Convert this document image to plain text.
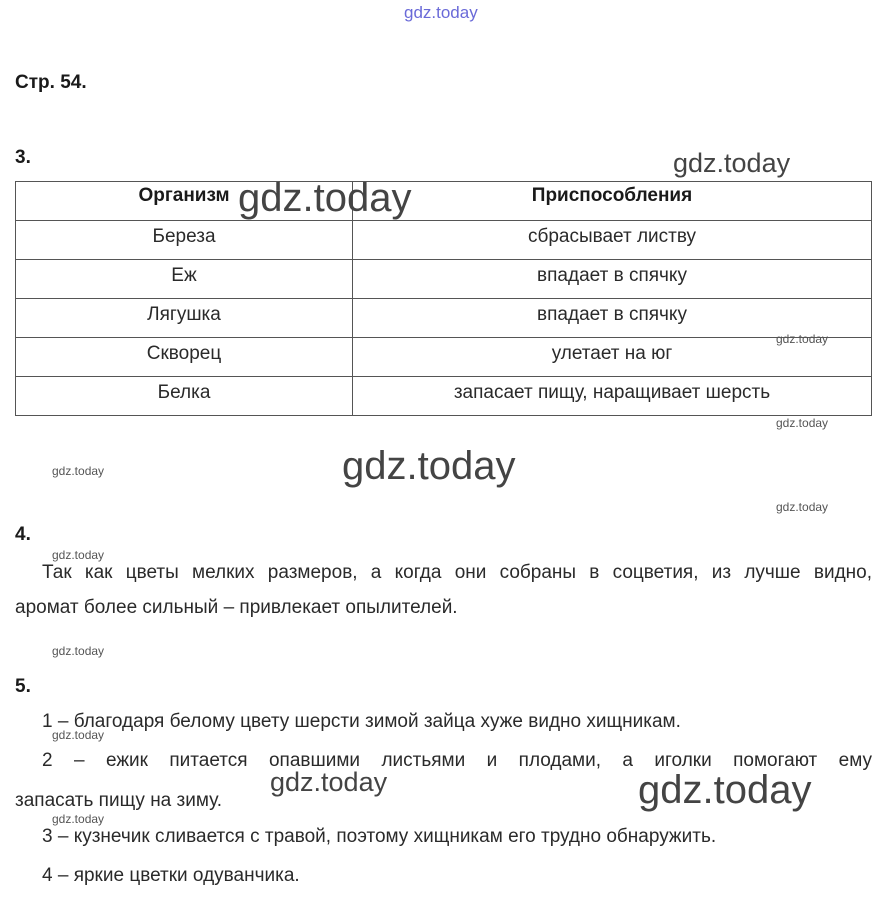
gdz.today
Стр. 54.
3.	gdz.today
Организм	Приспособления
Береза	сбрасывает листву
Еж	впадает в спячку
Лягушка	впадает в спячку
Скворец	улетает на юг
Белка	запасает пищу, наращивает шерсть
gdz.today
gdz.today
gdz.today
gdz.today	gdz.today
gdz.today
4.
gdz.today
Так как цветы мелких размеров, а когда они собраны в соцветия, из лучше видно,
аромат более сильный – привлекает опылителей.
gdz.today
5.
1 – благодаря белому цвету шерсти зимой зайца хуже видно хищникам.
gdz.today
2 – ежик питается опавшими листьями и плодами, а иголки помогают ему
gdz.today	gdz.today
запасать пищу на зиму.
gdz.today
3 – кузнечик сливается с травой, поэтому хищникам его трудно обнаружить.
4 – яркие цветки одуванчика.
